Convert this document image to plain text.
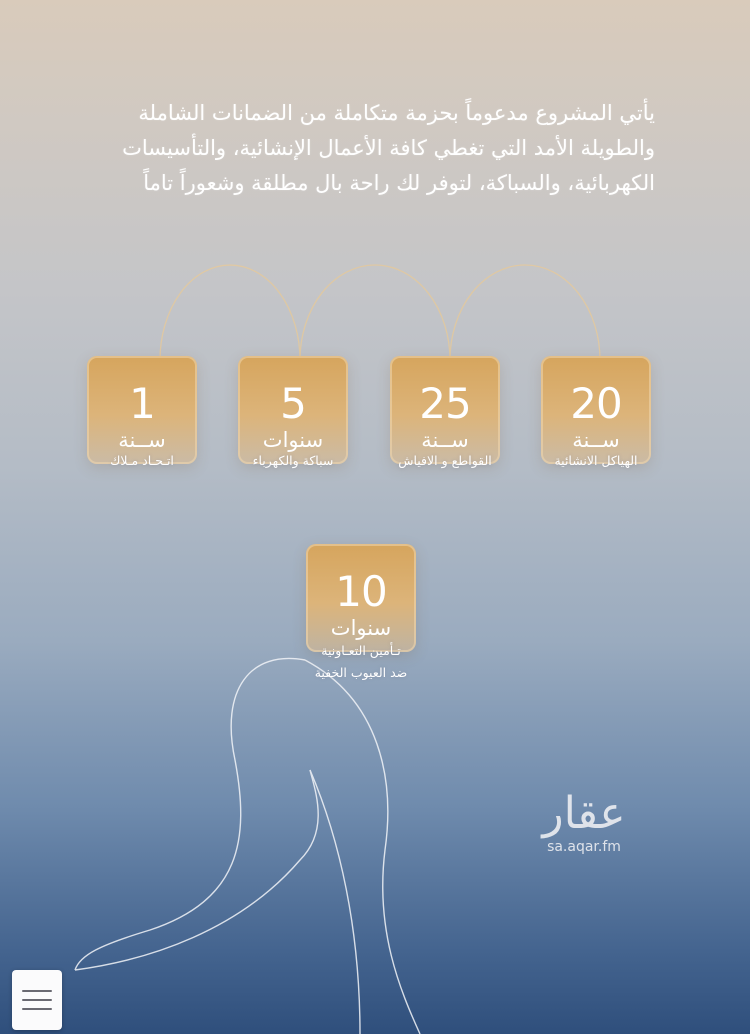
يأتي المشروع مدعوماً بحزمة متكاملة من الضمانات الشاملة

والطويلة الأمد التي تغطي كافة الأعمال الإنشائية، والتأسيسات

الكهربائية، والسباكة، لتوفر لك راحة بال مطلقة وشعوراً تاماً

20
ســنة
الهياكل الانشائية
25
ســنة
القواطع و الافياش
5
سنوات
سباكة والكهرباء
1
ســنة
اتـحـاد مـلاك
10
سنوات
تـأمين التعـاونية
ضد العيوب الخفية
عقار
sa.aqar.fm
